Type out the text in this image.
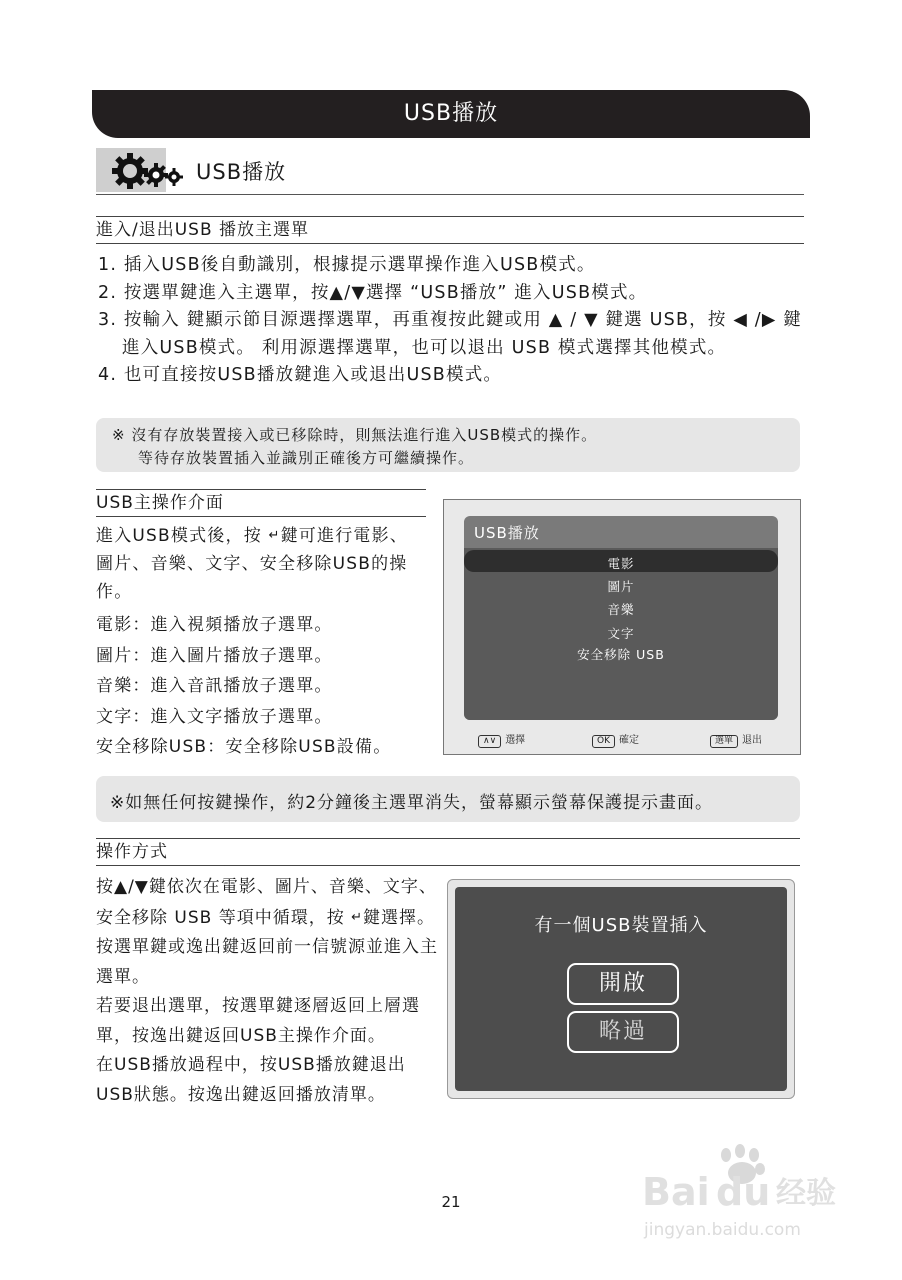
USB播放
USB播放
進入/退出USB 播放主選單
1. 插入USB後自動識別，根據提示選單操作進入USB模式。
2. 按選單鍵進入主選單，按▲/▼選擇 “USB播放” 進入USB模式。
3. 按輸入 鍵顯示節目源選擇選單，再重複按此鍵或用 ▲ / ▼ 鍵選 USB，按 ◀ /▶ 鍵進入USB模式。 利用源選擇選單，也可以退出 USB 模式選擇其他模式。
4. 也可直接按USB播放鍵進入或退出USB模式。
※ 沒有存放裝置接入或已移除時，則無法進行進入USB模式的操作。
等待存放裝置插入並識別正確後方可繼續操作。
USB主操作介面
進入USB模式後，按 ↵鍵可進行電影、圖片、音樂、文字、安全移除USB的操作。
電影：進入視頻播放子選單。
圖片：進入圖片播放子選單。
音樂：進入音訊播放子選單。
文字：進入文字播放子選單。
安全移除USB：安全移除USB設備。
USB播放
電影
圖片
音樂
文字
安全移除 USB
∧∨ 選擇	OK 確定	選單 退出
※如無任何按鍵操作，約2分鐘後主選單消失，螢幕顯示螢幕保護提示畫面。
操作方式
按▲/▼鍵依次在電影、圖片、音樂、文字、安全移除 USB 等項中循環，按 ↵鍵選擇。
按選單鍵或逸出鍵返回前一信號源並進入主選單。
若要退出選單，按選單鍵逐層返回上層選單，按逸出鍵返回USB主操作介面。
在USB播放過程中，按USB播放鍵退出USB狀態。按逸出鍵返回播放清單。
有一個USB裝置插入
開啟
略過
21	Bai du 经验
jingyan.baidu.com
